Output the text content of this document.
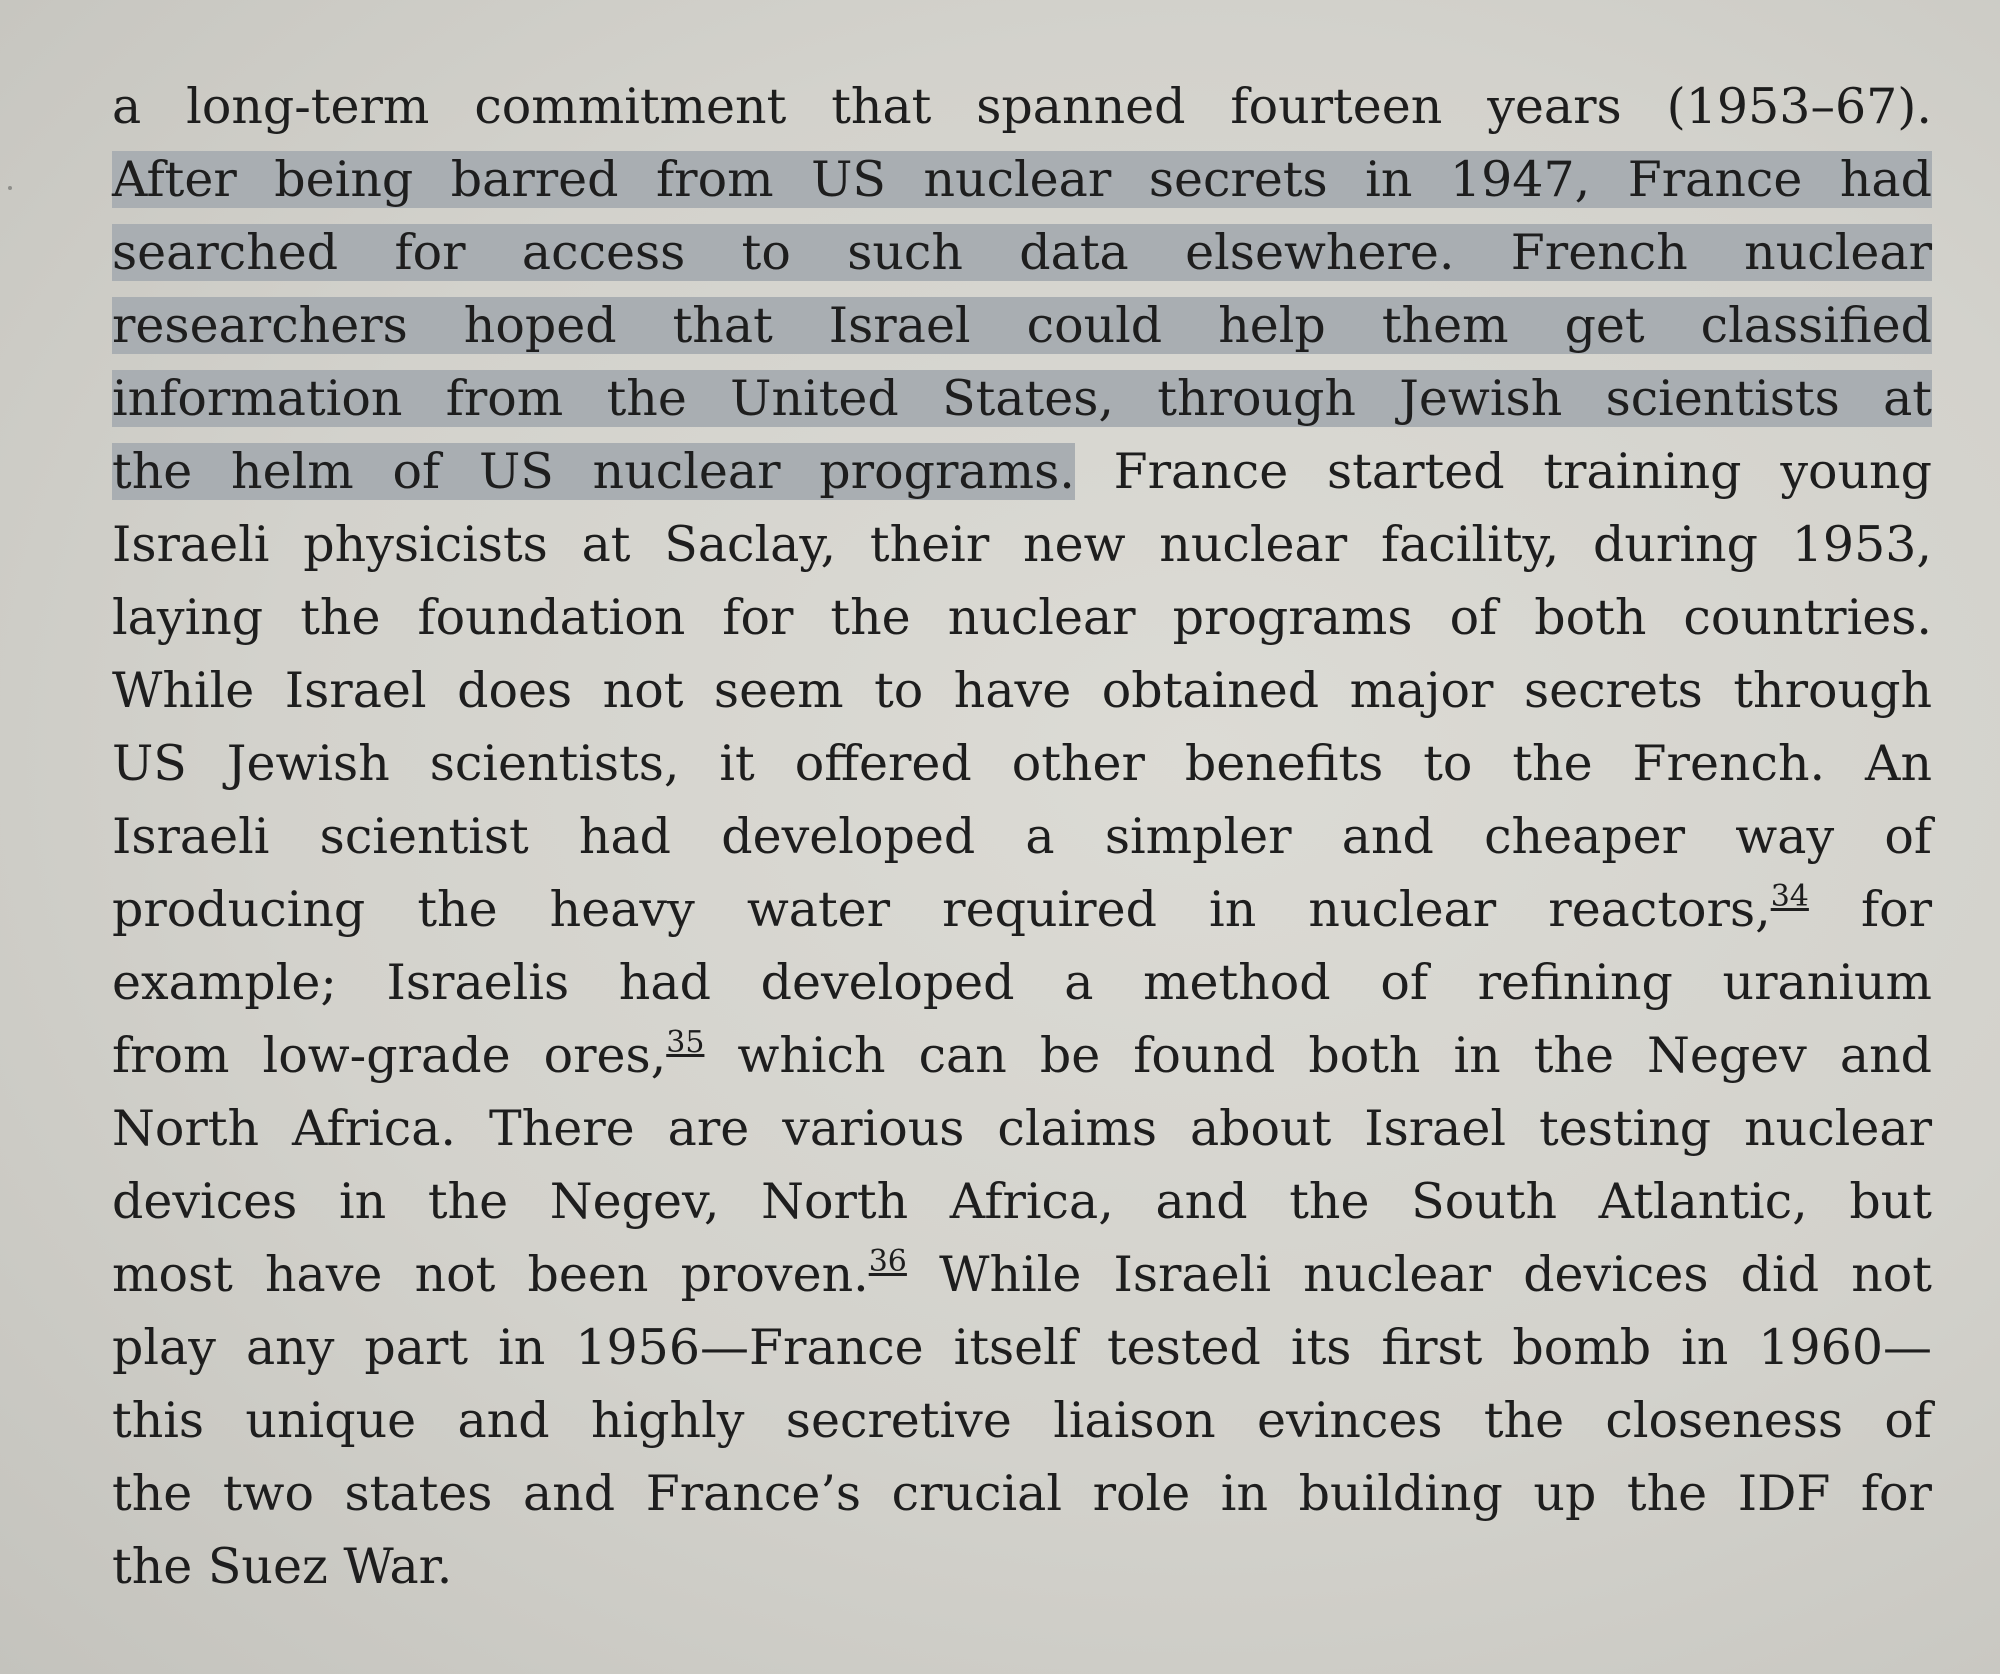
a long-term commitment that spanned fourteen years (1953–67).
After being barred from US nuclear secrets in 1947, France had
searched for access to such data elsewhere. French nuclear
researchers hoped that Israel could help them get classified
information from the United States, through Jewish scientists at
the helm of US nuclear programs. France started training young
Israeli physicists at Saclay, their new nuclear facility, during 1953,
laying the foundation for the nuclear programs of both countries.
While Israel does not seem to have obtained major secrets through
US Jewish scientists, it offered other benefits to the French. An
Israeli scientist had developed a simpler and cheaper way of
producing the heavy water required in nuclear reactors,$^{34}$ for
example; Israelis had developed a method of refining uranium
from low-grade ores,$^{35}$ which can be found both in the Negev and
North Africa. There are various claims about Israel testing nuclear
devices in the Negev, North Africa, and the South Atlantic, but
most have not been proven.$^{36}$ While Israeli nuclear devices did not
play any part in 1956—France itself tested its first bomb in 1960—
this unique and highly secretive liaison evinces the closeness of
the two states and France’s crucial role in building up the IDF for
the Suez War.
